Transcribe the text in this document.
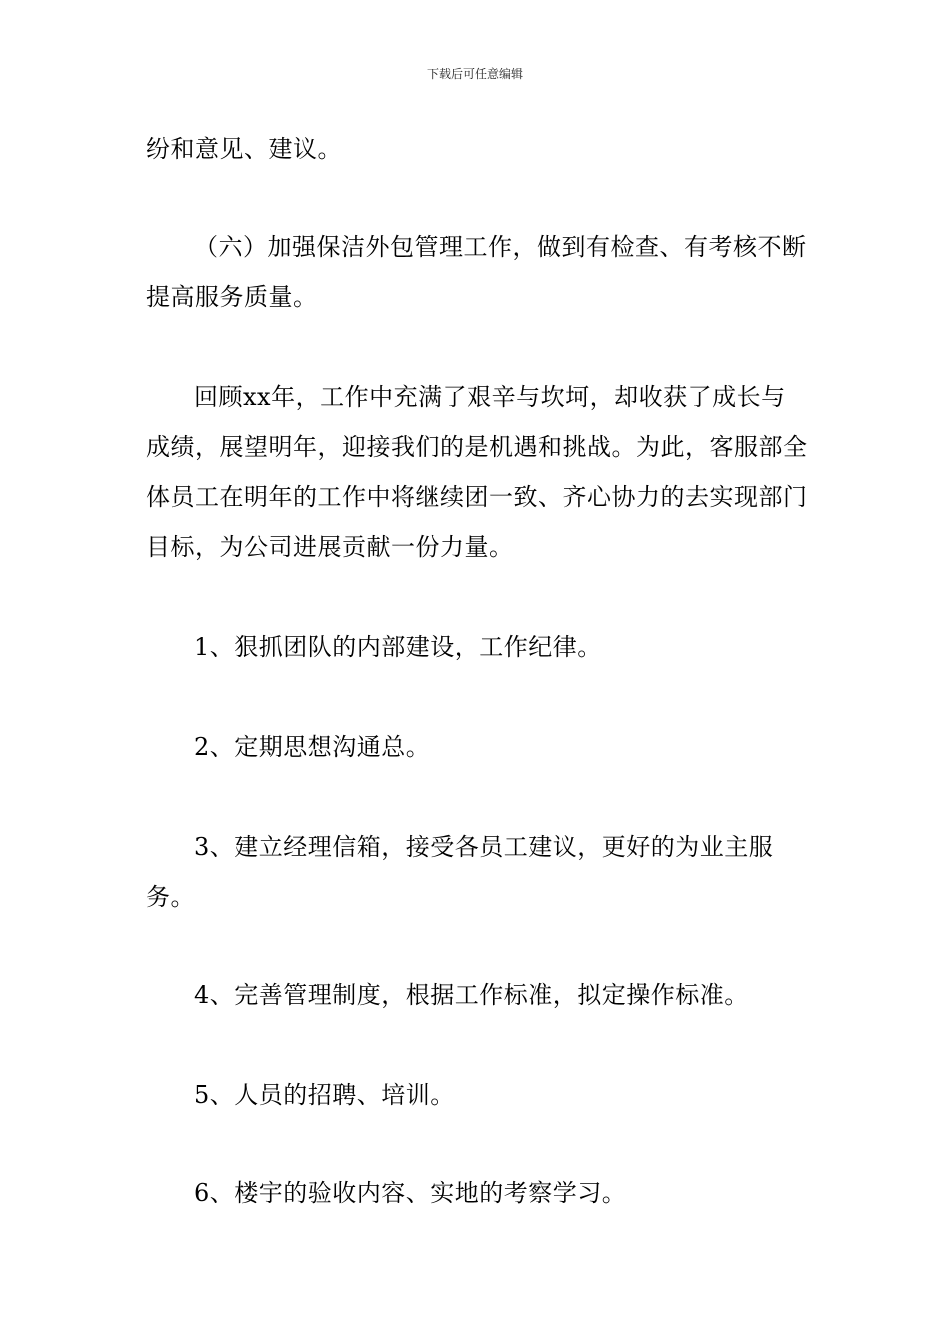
下载后可任意编辑

纷和意见、建议。

（六）加强保洁外包管理工作，做到有检查、有考核不断提高服务质量。

回顾xx年，工作中充满了艰辛与坎坷，却收获了成长与成绩，展望明年，迎接我们的是机遇和挑战。为此，客服部全体员工在明年的工作中将继续团一致、齐心协力的去实现部门目标，为公司进展贡献一份力量。

1、狠抓团队的内部建设，工作纪律。

2、定期思想沟通总。

3、建立经理信箱，接受各员工建议，更好的为业主服务。

4、完善管理制度，根据工作标准，拟定操作标准。

5、人员的招聘、培训。

6、楼宇的验收内容、实地的考察学习。
